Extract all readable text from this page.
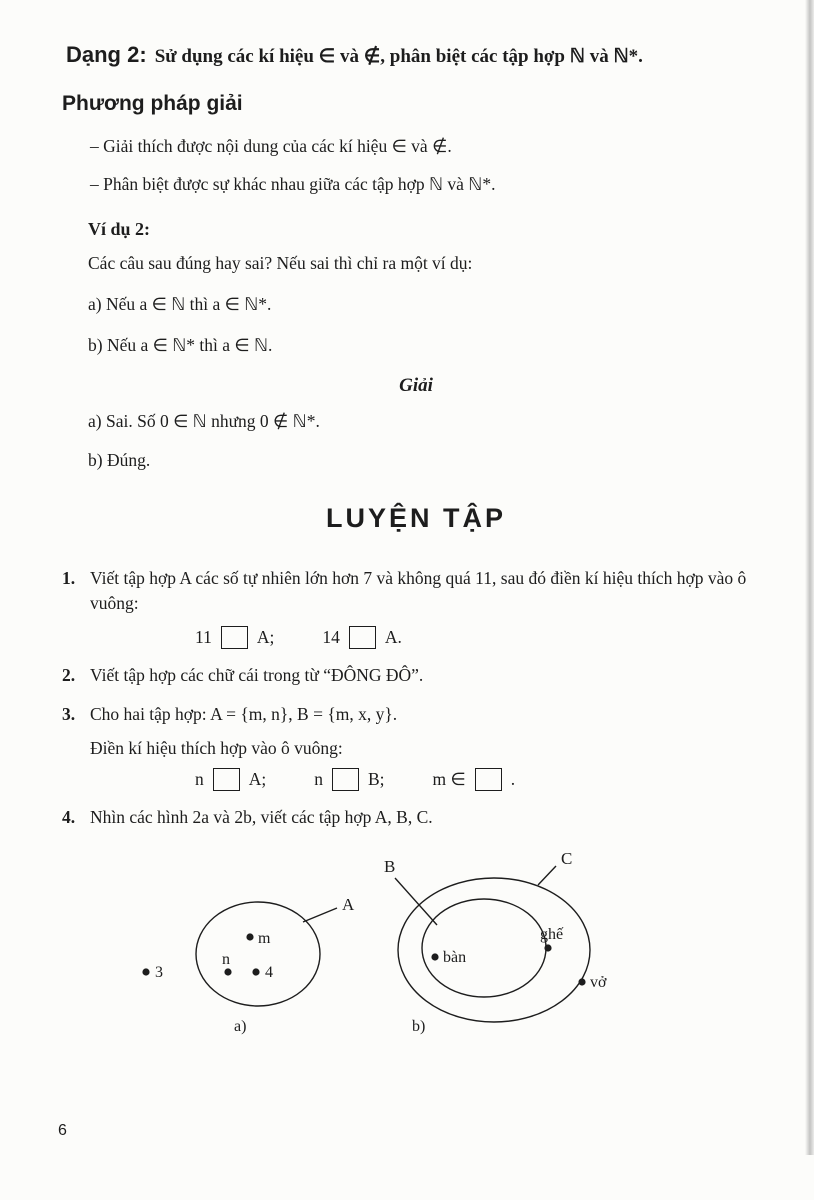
Dạng 2: Sử dụng các kí hiệu ∈ và ∉, phân biệt các tập hợp ℕ và ℕ*.
Phương pháp giải

– Giải thích được nội dung của các kí hiệu ∈ và ∉.

– Phân biệt được sự khác nhau giữa các tập hợp ℕ và ℕ*.

Ví dụ 2:

Các câu sau đúng hay sai? Nếu sai thì chỉ ra một ví dụ:

a) Nếu a ∈ ℕ thì a ∈ ℕ*.

b) Nếu a ∈ ℕ* thì a ∈ ℕ.

Giải

a) Sai. Số 0 ∈ ℕ nhưng 0 ∉ ℕ*.

b) Đúng.

LUYỆN TẬP
1. Viết tập hợp A các số tự nhiên lớn hơn 7 và không quá 11, sau đó điền kí hiệu thích hợp vào ô vuông:
11	A;	14	A.
2. Viết tập hợp các chữ cái trong từ “ĐÔNG ĐÔ”.
3. Cho hai tập hợp: A = {m, n}, B = {m, x, y}.

Điền kí hiệu thích hợp vào ô vuông:

n	A;	n	B;	m ∈	.
4. Nhìn các hình 2a và 2b, viết các tập hợp A, B, C.
A
m
n
4
3
a)
B	C
bàn
ghế
vở
b)
6
